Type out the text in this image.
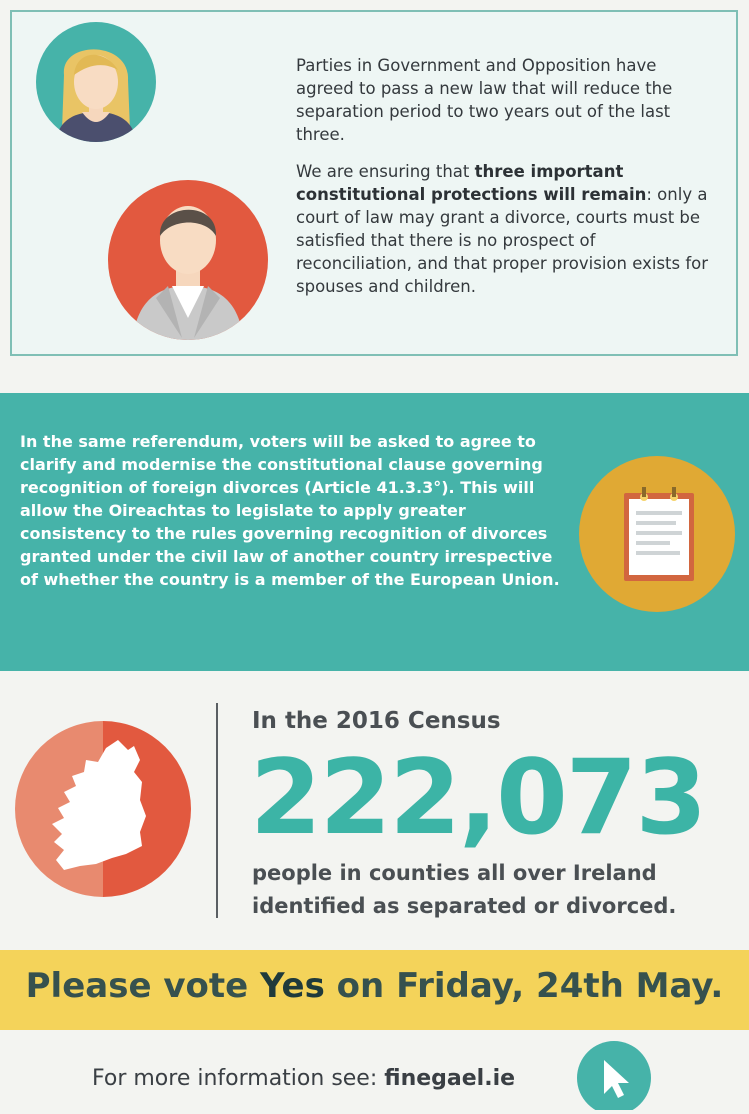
Parties in Government and Opposition have agreed to pass a new law that will reduce the separation period to two years out of the last three.

We are ensuring that three important constitutional protections will remain: only a court of law may grant a divorce, courts must be satisfied that there is no prospect of reconciliation, and that proper provision exists for spouses and children.

In the same referendum, voters will be asked to agree to clarify and modernise the constitutional clause governing recognition of foreign divorces (Article 41.3.3°). This will allow the Oireachtas to legislate to apply greater consistency to the rules governing recognition of divorces granted under the civil law of another country irrespective of whether the country is a member of the European Union.
In the 2016 Census
222,073
people in counties all over Ireland identified as separated or divorced.
Please vote Yes on Friday, 24th May.
For more information see: finegael.ie
